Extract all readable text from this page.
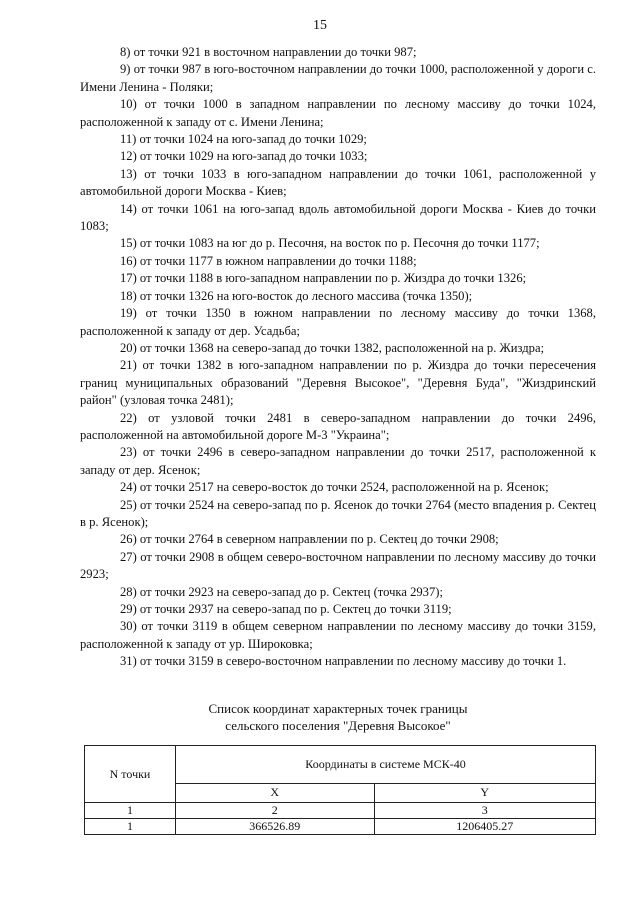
15

8) от точки 921 в восточном направлении до точки 987;

9) от точки 987 в юго-восточном направлении до точки 1000, расположенной у дороги с. Имени Ленина - Поляки;

10) от точки 1000 в западном направлении по лесному массиву до точки 1024, расположенной к западу от с. Имени Ленина;

11) от точки 1024 на юго-запад до точки 1029;

12) от точки 1029 на юго-запад до точки 1033;

13) от точки 1033 в юго-западном направлении до точки 1061, расположенной у автомобильной дороги Москва - Киев;

14) от точки 1061 на юго-запад вдоль автомобильной дороги Москва - Киев до точки 1083;

15) от точки 1083 на юг до р. Песочня, на восток по р. Песочня до точки 1177;

16) от точки 1177 в южном направлении до точки 1188;

17) от точки 1188 в юго-западном направлении по р. Жиздра до точки 1326;

18) от точки 1326 на юго-восток до лесного массива (точка 1350);

19) от точки 1350 в южном направлении по лесному массиву до точки 1368, расположенной к западу от дер. Усадьба;

20) от точки 1368 на северо-запад до точки 1382, расположенной на р. Жиздра;

21) от точки 1382 в юго-западном направлении по р. Жиздра до точки пересечения границ муниципальных образований "Деревня Высокое", "Деревня Буда", "Жиздринский район" (узловая точка 2481);

22) от узловой точки 2481 в северо-западном направлении до точки 2496, расположенной на автомобильной дороге М-3 "Украина";

23) от точки 2496 в северо-западном направлении до точки 2517, расположенной к западу от дер. Ясенок;

24) от точки 2517 на северо-восток до точки 2524, расположенной на р. Ясенок;

25) от точки 2524 на северо-запад по р. Ясенок до точки 2764 (место впадения р. Сектец в р. Ясенок);

26) от точки 2764 в северном направлении по р. Сектец до точки 2908;

27) от точки 2908 в общем северо-восточном направлении по лесному массиву до точки 2923;

28) от точки 2923 на северо-запад до р. Сектец (точка 2937);

29) от точки 2937 на северо-запад по р. Сектец до точки 3119;

30) от точки 3119 в общем северном направлении по лесному массиву до точки 3159, расположенной к западу от ур. Широковка;

31) от точки 3159 в северо-восточном направлении по лесному массиву до точки 1.

Список координат характерных точек границы
сельского поселения "Деревня Высокое"
N точки	Координаты в системе МСК-40	
	X	Y
1	2	3
1	366526.89	1206405.27
